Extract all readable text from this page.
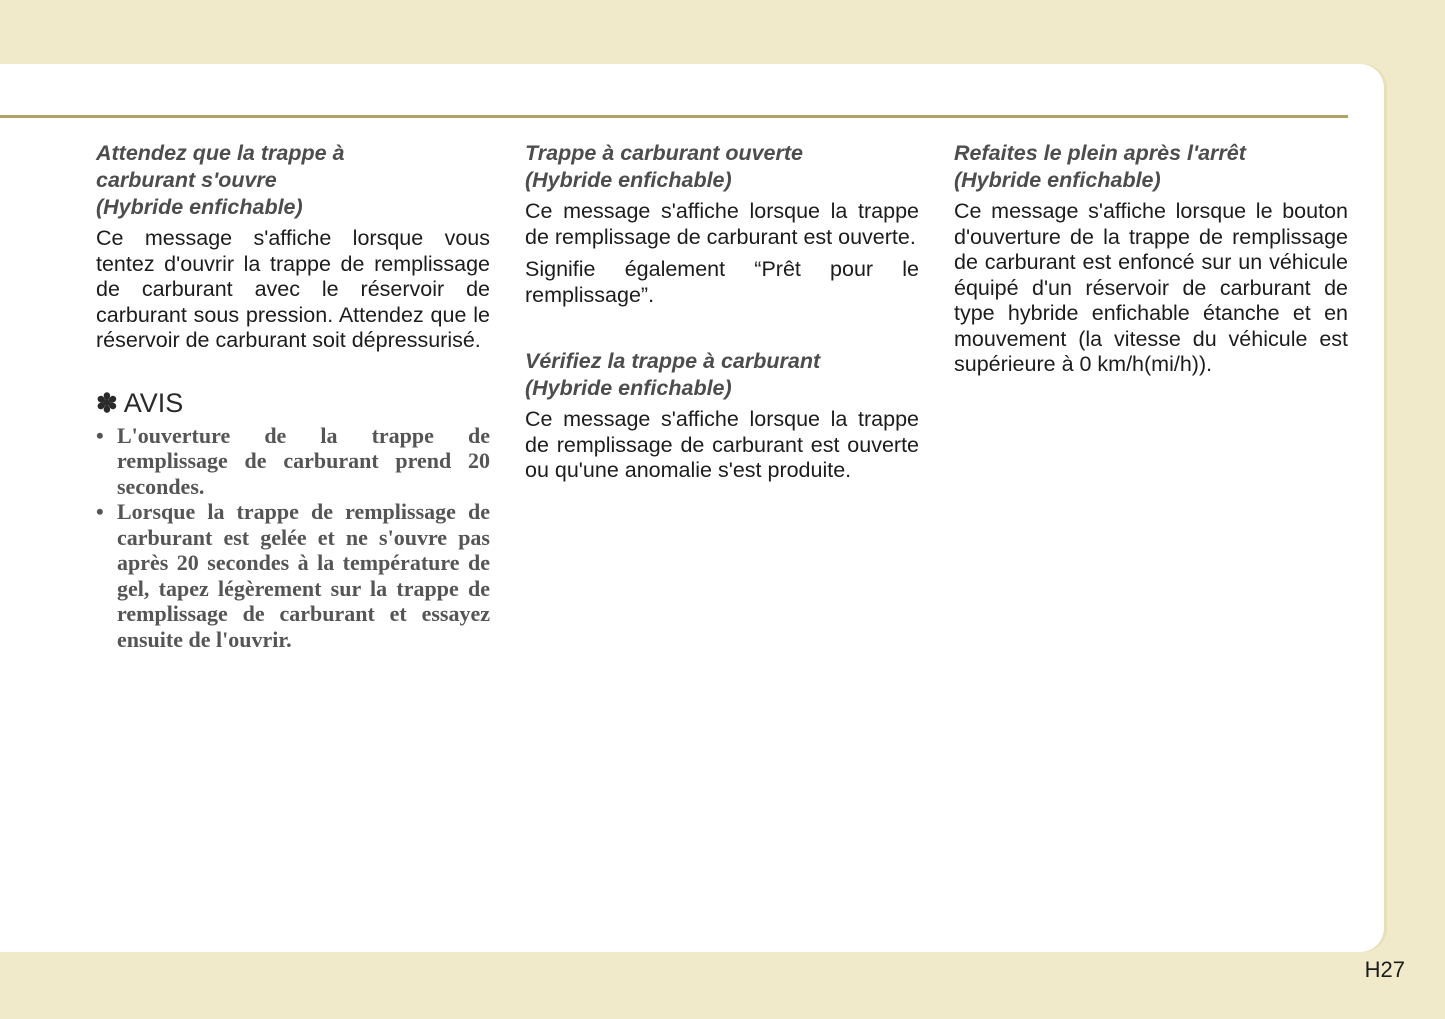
Attendez que la trappe à
carburant s'ouvre
(Hybride enfichable)

Ce message s'affiche lorsque vous tentez d'ouvrir la trappe de remplissage de carburant avec le réservoir de carburant sous pression. Attendez que le réservoir de carburant soit dépressurisé.

✽ AVIS
• L'ouverture de la trappe de remplissage de carburant prend 20 secondes.
• Lorsque la trappe de remplissage de carburant est gelée et ne s'ouvre pas après 20 secondes à la température de gel, tapez légèrement sur la trappe de remplissage de carburant et essayez ensuite de l'ouvrir.
Trappe à carburant ouverte
(Hybride enfichable)

Ce message s'affiche lorsque la trappe de remplissage de carburant est ouverte.

Signifie également “Prêt pour le remplissage”.

Vérifiez la trappe à carburant
(Hybride enfichable)

Ce message s'affiche lorsque la trappe de remplissage de carburant est ouverte ou qu'une anomalie s'est produite.

Refaites le plein après l'arrêt
(Hybride enfichable)

Ce message s'affiche lorsque le bouton d'ouverture de la trappe de remplissage de carburant est enfoncé sur un véhicule équipé d'un réservoir de carburant de type hybride enfichable étanche et en mouvement (la vitesse du véhicule est supérieure à 0 km/h(mi/h)).

H27
